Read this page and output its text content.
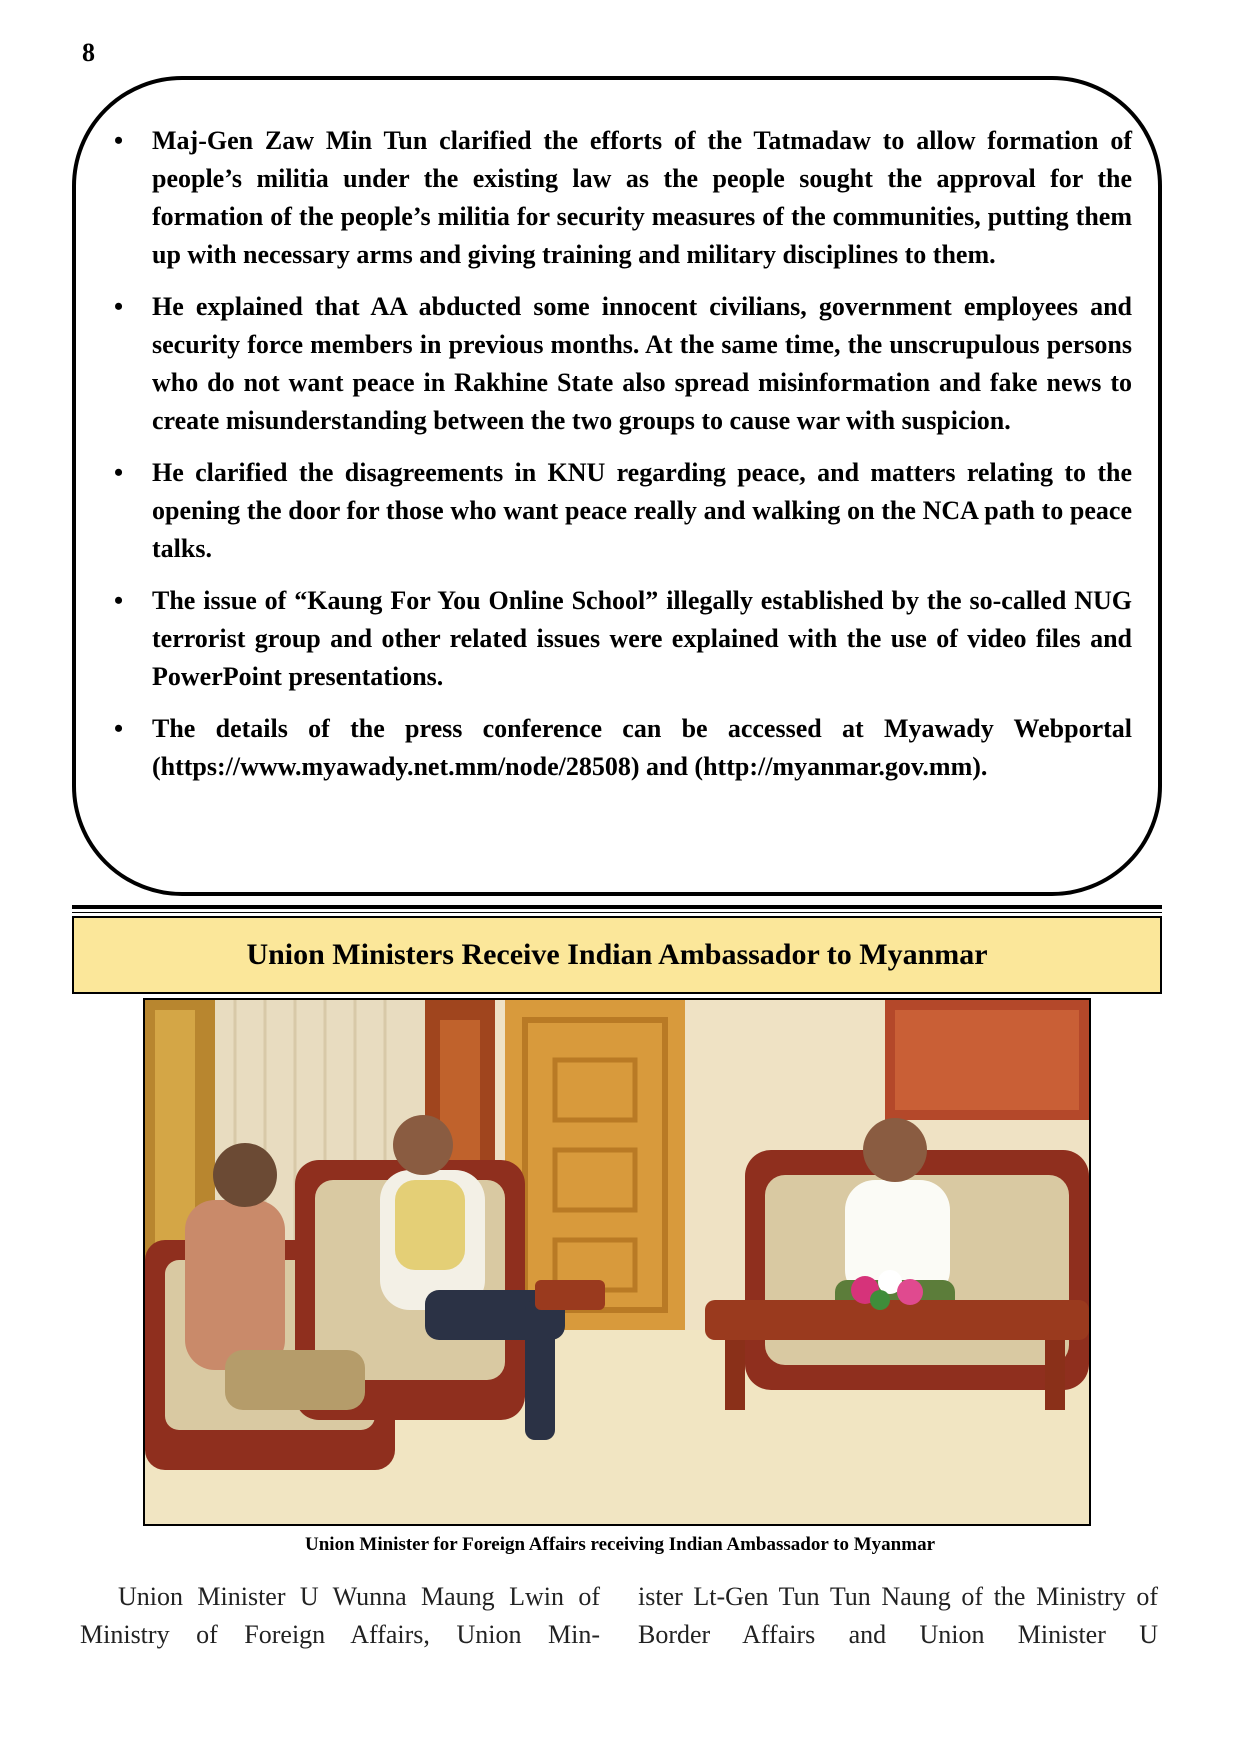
8
• Maj-Gen Zaw Min Tun clarified the efforts of the Tatmadaw to allow formation of people’s militia under the existing law as the people sought the approval for the formation of the people’s militia for security measures of the communities, putting them up with necessary arms and giving training and military disciplines to them.
• He explained that AA abducted some innocent civilians, government employees and security force members in previous months. At the same time, the unscrupulous persons who do not want peace in Rakhine State also spread misinformation and fake news to create misunderstanding between the two groups to cause war with suspicion.
• He clarified the disagreements in KNU regarding peace, and matters relating to the opening the door for those who want peace really and walking on the NCA path to peace talks.
• The issue of “Kaung For You Online School” illegally established by the so-called NUG terrorist group and other related issues were explained with the use of video files and PowerPoint presentations.
• The details of the press conference can be accessed at Myawady Webportal (https://www.myawady.net.mm/node/28508) and (http://myanmar.gov.mm).
Union Ministers Receive Indian Ambassador to Myanmar
Union Minister for Foreign Affairs receiving Indian Ambassador to Myanmar

Union Minister U Wunna Maung Lwin of Ministry of Foreign Affairs, Union Min-

ister Lt-Gen Tun Tun Naung of the Ministry of Border Affairs and Union Minister U
